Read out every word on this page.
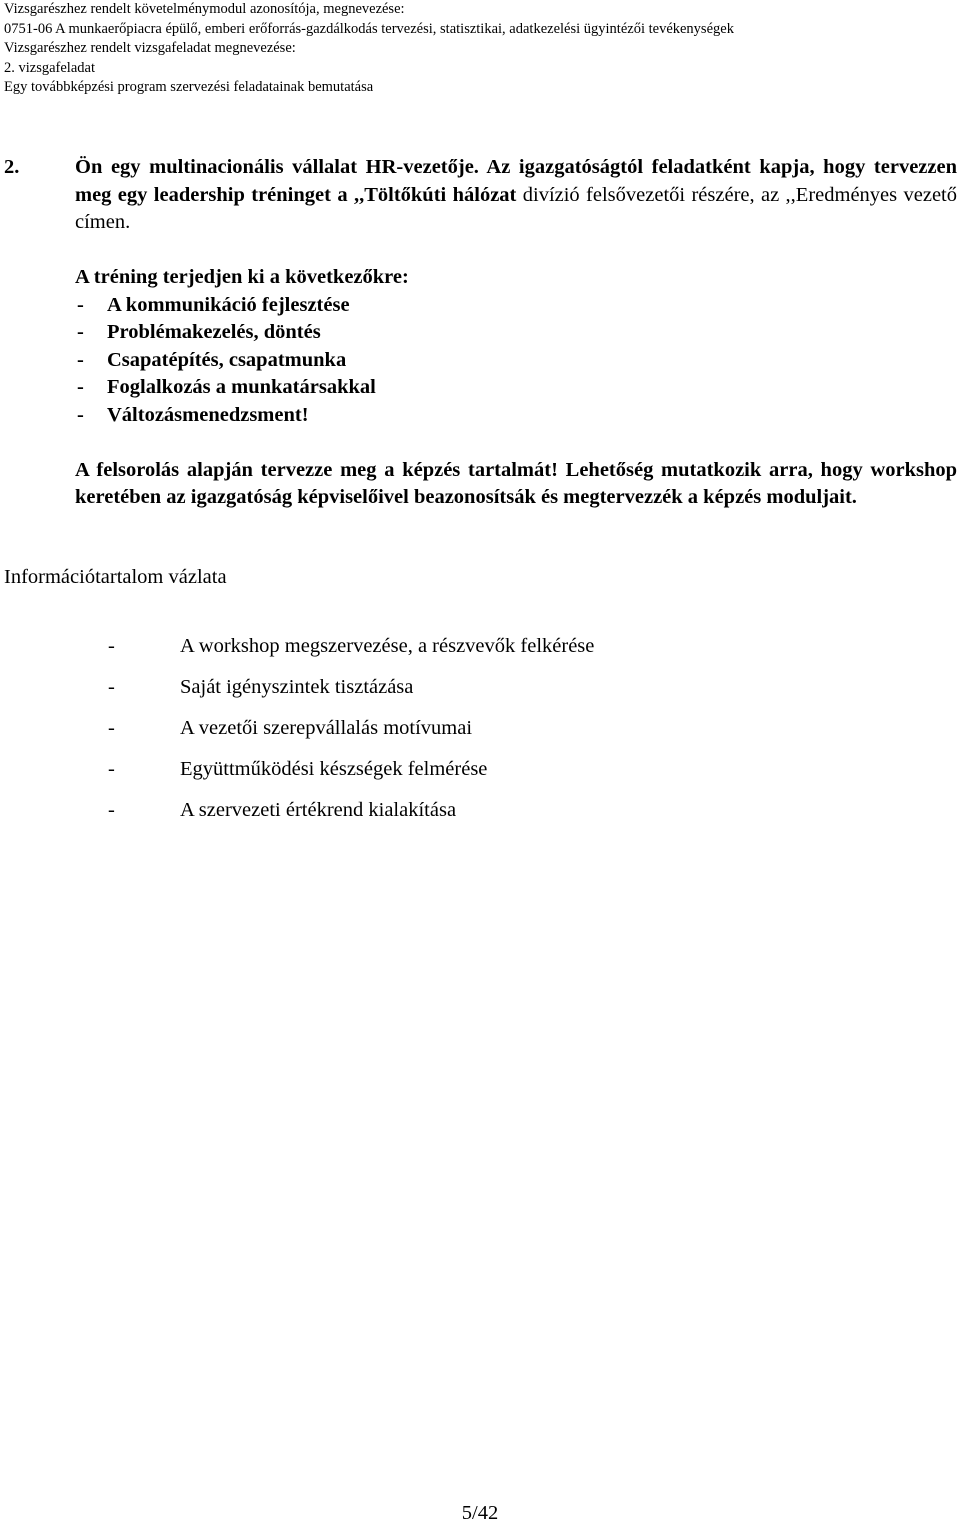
Vizsgarészhez rendelt követelménymodul azonosítója, megnevezése:
0751-06 A munkaerőpiacra épülő, emberi erőforrás-gazdálkodás tervezési, statisztikai, adatkezelési ügyintézői tevékenységek
Vizsgarészhez rendelt vizsgafeladat megnevezése:
2. vizsgafeladat
Egy továbbképzési program szervezési feladatainak bemutatása
2.	Ön egy multinacionális vállalat HR-vezetője. Az igazgatóságtól feladatként kapja, hogy tervezzen meg egy leadership tréninget a ,,Töltőkúti hálózat divízió felsővezetői részére, az ,,Eredményes vezető címen.
A tréning terjedjen ki a következőkre:
- A kommunikáció fejlesztése
- Problémakezelés, döntés
- Csapatépítés, csapatmunka
- Foglalkozás a munkatársakkal
- Változásmenedzsment!
A felsorolás alapján tervezze meg a képzés tartalmát! Lehetőség mutatkozik arra, hogy workshop keretében az igazgatóság képviselőivel beazonosítsák és megtervezzék a képzés moduljait.
Információtartalom vázlata
-	A workshop megszervezése, a részvevők felkérése
-	Saját igényszintek tisztázása
-	A vezetői szerepvállalás motívumai
-	Együttműködési készségek felmérése
-	A szervezeti értékrend kialakítása
5/42
